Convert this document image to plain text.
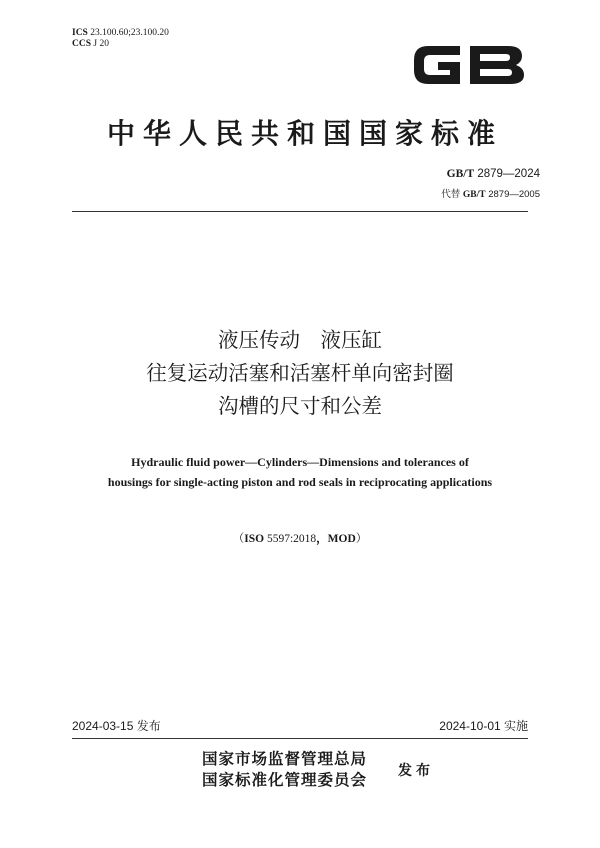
ICS 23.100.60;23.100.20
CCS J 20
中华人民共和国国家标准
GB/T 2879—2024
代替 GB/T 2879—2005
液压传动　液压缸
往复运动活塞和活塞杆单向密封圈
沟槽的尺寸和公差
Hydraulic fluid power—Cylinders—Dimensions and tolerances of
housings for single-acting piston and rod seals in reciprocating applications
（ISO 5597:2018，MOD）
2024-03-15 发布	2024-10-01 实施
国家市场监督管理总局
国家标准化管理委员会 发布
